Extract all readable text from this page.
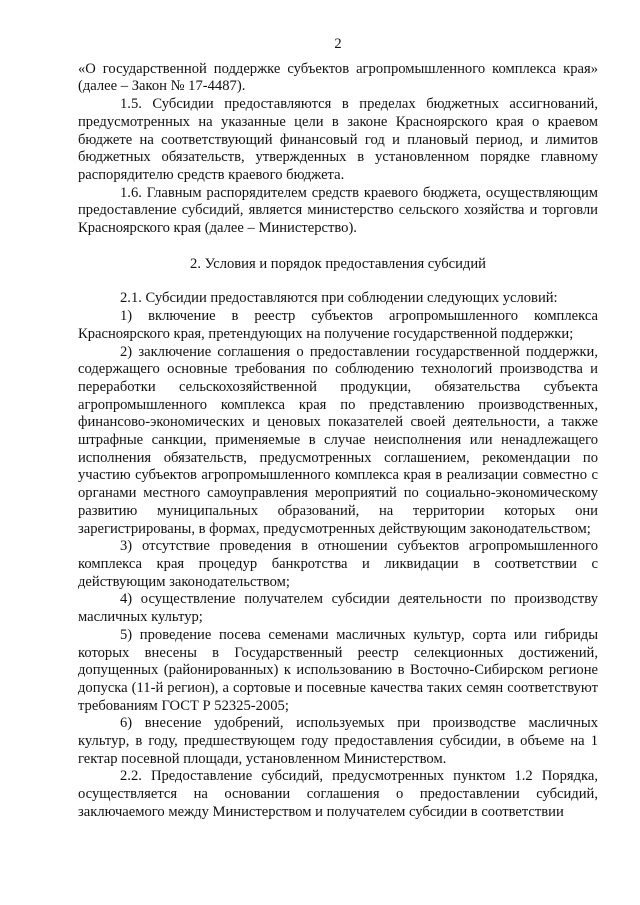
2

«О государственной поддержке субъектов агропромышленного комплекса края» (далее – Закон № 17-4487).

1.5. Субсидии предоставляются в пределах бюджетных ассигнований, предусмотренных на указанные цели в законе Красноярского края о краевом бюджете на соответствующий финансовый год и плановый период, и лимитов бюджетных обязательств, утвержденных в установленном порядке главному распорядителю средств краевого бюджета.

1.6. Главным распорядителем средств краевого бюджета, осуществляющим предоставление субсидий, является министерство сельского хозяйства и торговли Красноярского края (далее – Министерство).

2. Условия и порядок предоставления субсидий

2.1. Субсидии предоставляются при соблюдении следующих условий:

1) включение в реестр субъектов агропромышленного комплекса Красноярского края, претендующих на получение государственной поддержки;

2) заключение соглашения о предоставлении государственной поддержки, содержащего основные требования по соблюдению технологий производства и переработки сельскохозяйственной продукции, обязательства субъекта агропромышленного комплекса края по представлению производственных, финансово-экономических и ценовых показателей своей деятельности, а также штрафные санкции, применяемые в случае неисполнения или ненадлежащего исполнения обязательств, предусмотренных соглашением, рекомендации по участию субъектов агропромышленного комплекса края в реализации совместно с органами местного самоуправления мероприятий по социально-экономическому развитию муниципальных образований, на территории которых они зарегистрированы, в формах, предусмотренных действующим законодательством;

3) отсутствие проведения в отношении субъектов агропромышленного комплекса края процедур банкротства и ликвидации в соответствии с действующим законодательством;

4) осуществление получателем субсидии деятельности по производству масличных культур;

5) проведение посева семенами масличных культур, сорта или гибриды которых внесены в Государственный реестр селекционных достижений, допущенных (районированных) к использованию в Восточно-Сибирском регионе допуска (11-й регион), а сортовые и посевные качества таких семян соответствуют требованиям ГОСТ Р 52325-2005;

6) внесение удобрений, используемых при производстве масличных культур, в году, предшествующем году предоставления субсидии, в объеме на 1 гектар посевной площади, установленном Министерством.

2.2. Предоставление субсидий, предусмотренных пунктом 1.2 Порядка, осуществляется на основании соглашения о предоставлении субсидий, заключаемого между Министерством и получателем субсидии в соответствии
